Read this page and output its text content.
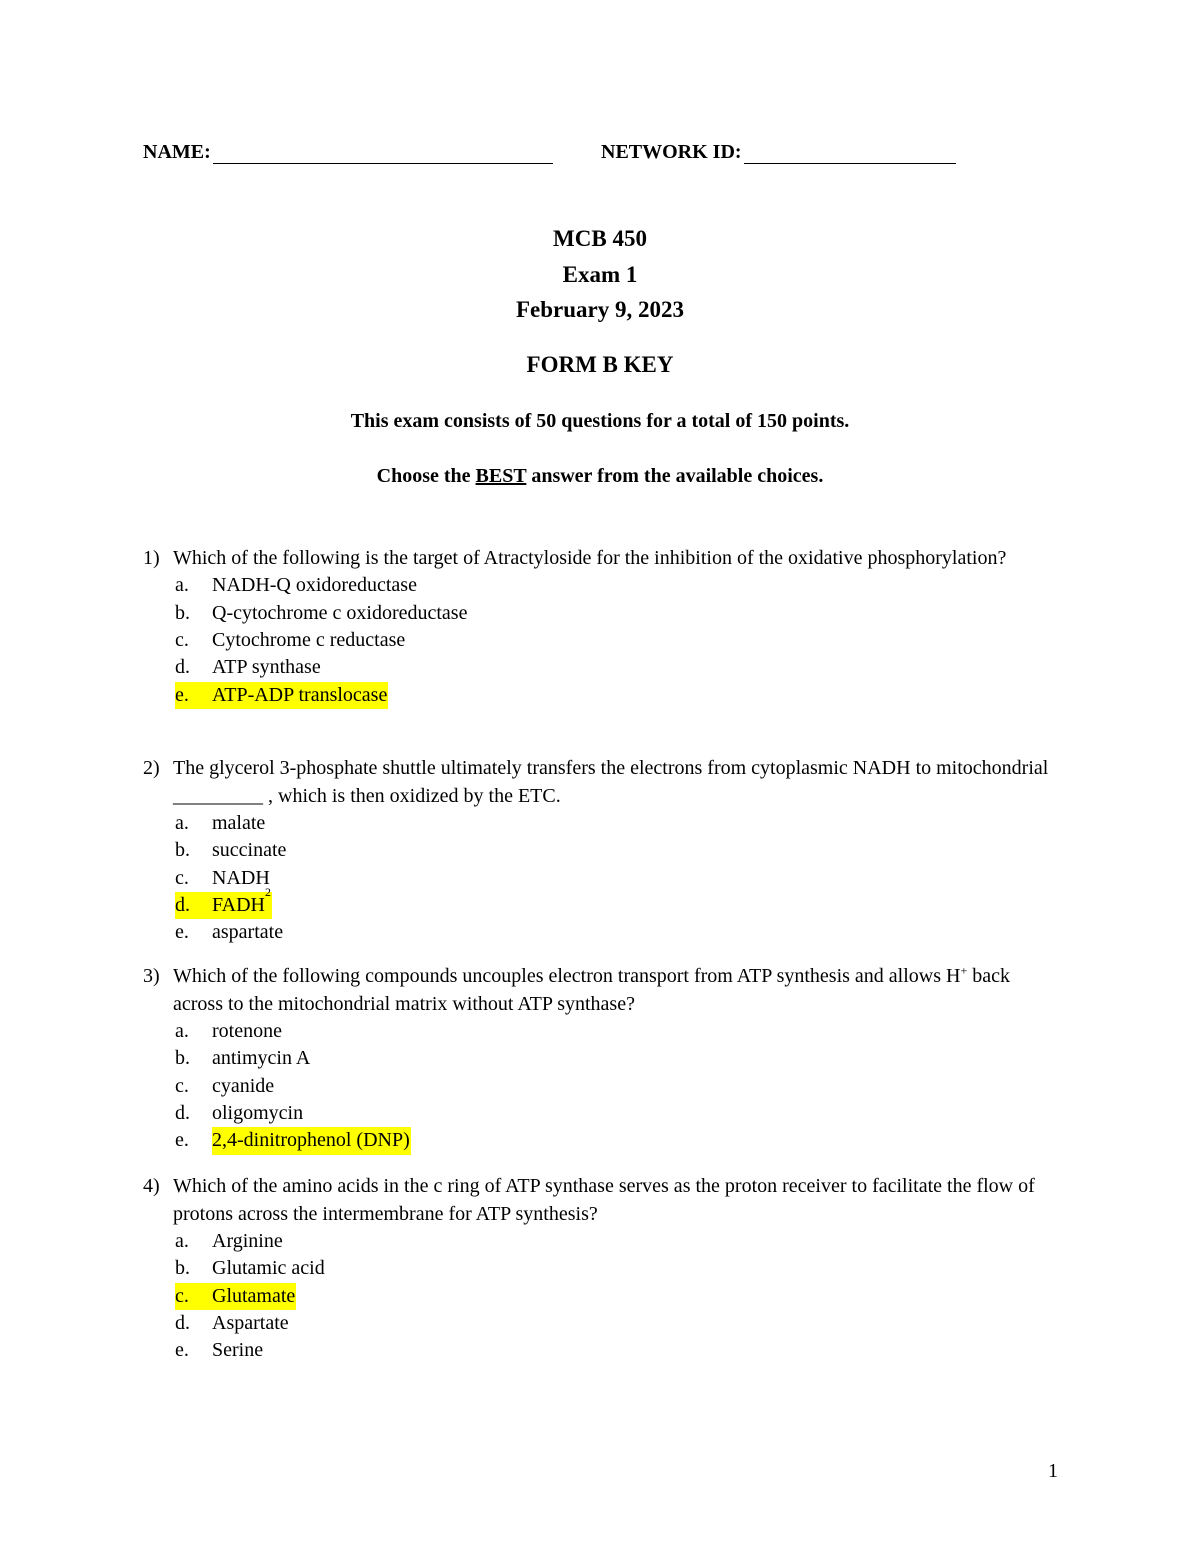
NAME:	NETWORK ID:
MCB 450
Exam 1
February 9, 2023
FORM B KEY
This exam consists of 50 questions for a total of 150 points.
Choose the BEST answer from the available choices.
1) Which of the following is the target of Atractyloside for the inhibition of the oxidative phosphorylation?
a.	NADH-Q oxidoreductase
b.	Q-cytochrome c oxidoreductase
c.	Cytochrome c reductase
d.	ATP synthase
e.	ATP-ADP translocase
2) The glycerol 3-phosphate shuttle ultimately transfers the electrons from cytoplasmic NADH to mitochondrial _________ , which is then oxidized by the ETC.
a.	malate
b.	succinate
c.	NADH
d.	FADH
2
e.	aspartate
3) Which of the following compounds uncouples electron transport from ATP synthesis and allows H+ back across to the mitochondrial matrix without ATP synthase?
a.	rotenone
b.	antimycin A
c.	cyanide
d.	oligomycin
e.	2,4-dinitrophenol (DNP)
4) Which of the amino acids in the c ring of ATP synthase serves as the proton receiver to facilitate the flow of protons across the intermembrane for ATP synthesis?
a.	Arginine
b.	Glutamic acid
c.	Glutamate
d.	Aspartate
e.	Serine
1
